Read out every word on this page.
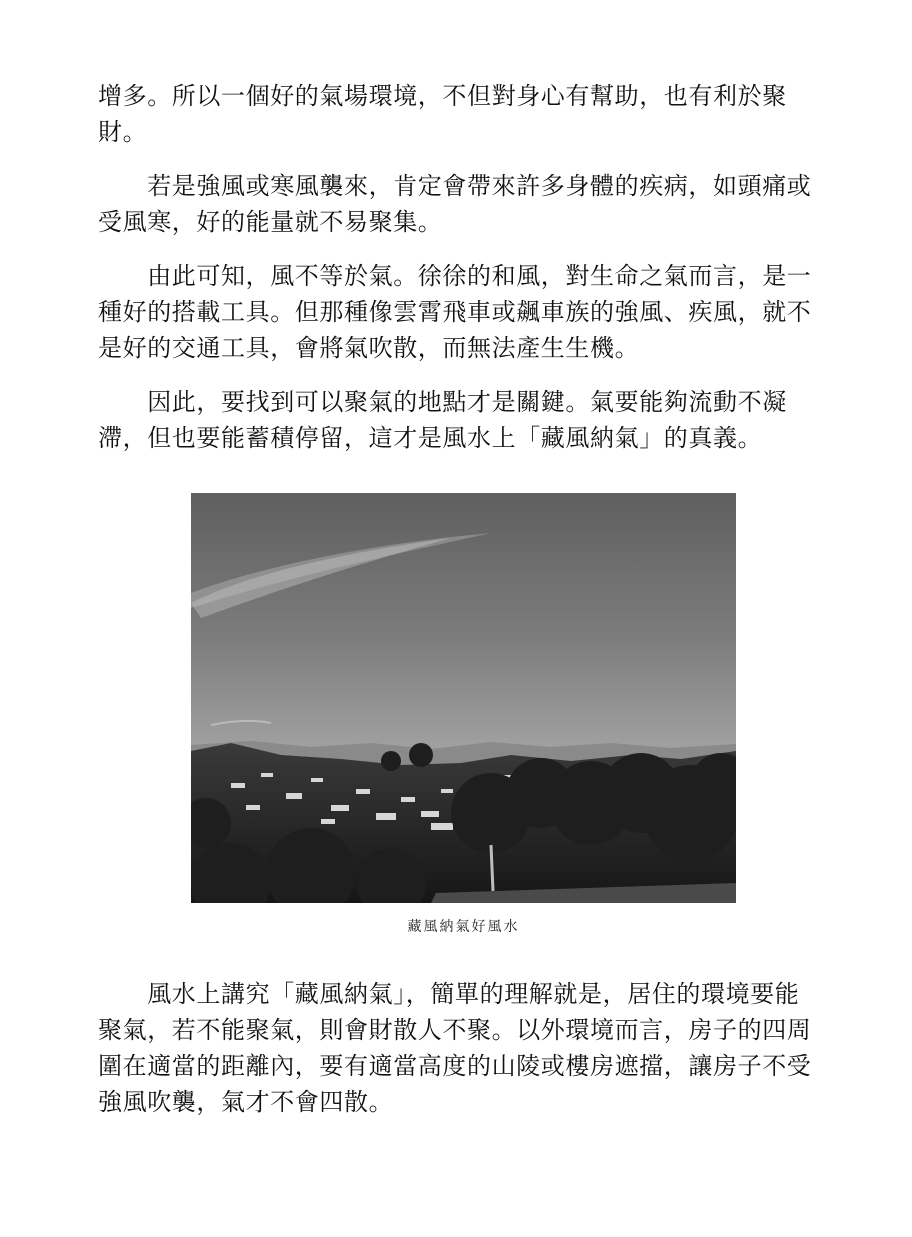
增多。所以一個好的氣場環境，不但對身心有幫助，也有利於聚
財。

　　若是強風或寒風襲來，肯定會帶來許多身體的疾病，如頭痛或
受風寒，好的能量就不易聚集。

　　由此可知，風不等於氣。徐徐的和風，對生命之氣而言，是一
種好的搭載工具。但那種像雲霄飛車或飆車族的強風、疾風，就不
是好的交通工具，會將氣吹散，而無法產生生機。

　　因此，要找到可以聚氣的地點才是關鍵。氣要能夠流動不凝
滯，但也要能蓄積停留，這才是風水上「藏風納氣」的真義。

藏風納氣好風水

　　風水上講究「藏風納氣」，簡單的理解就是，居住的環境要能
聚氣，若不能聚氣，則會財散人不聚。以外環境而言，房子的四周
圍在適當的距離內，要有適當高度的山陵或樓房遮擋，讓房子不受
強風吹襲，氣才不會四散。
